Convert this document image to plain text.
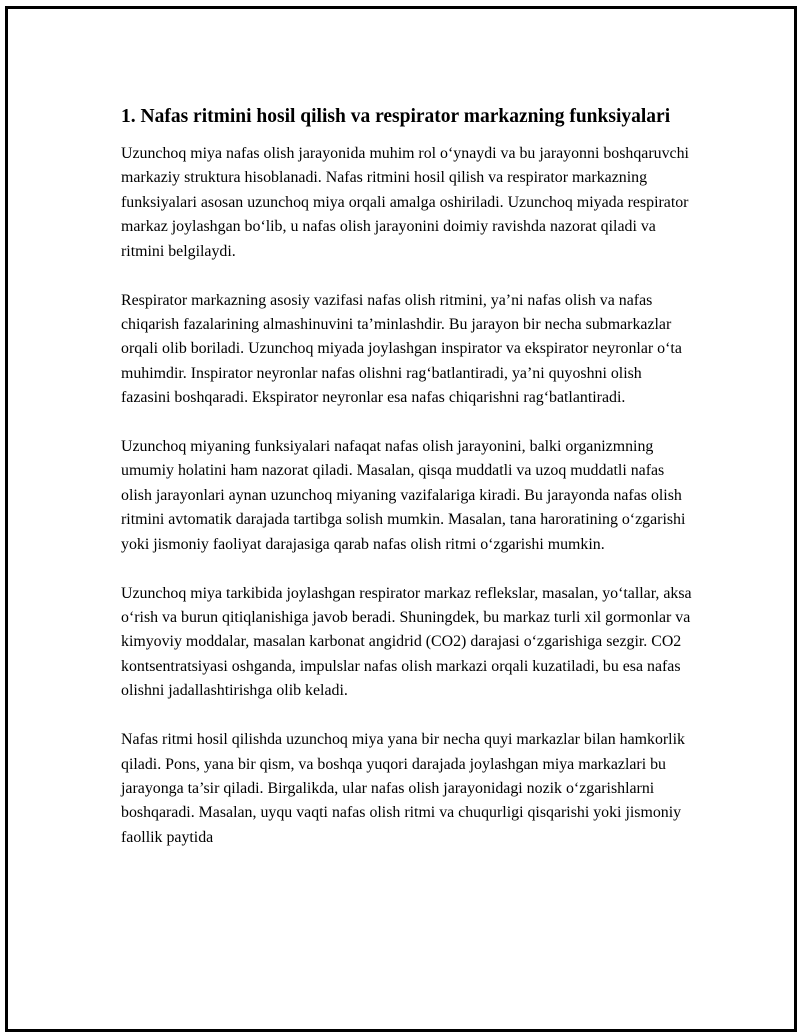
1. Nafas ritmini hosil qilish va respirator markazning funksiyalari

Uzunchoq miya nafas olish jarayonida muhim rol o‘ynaydi va bu jarayonni boshqaruvchi markaziy struktura hisoblanadi. Nafas ritmini hosil qilish va respirator markazning funksiyalari asosan uzunchoq miya orqali amalga oshiriladi. Uzunchoq miyada respirator markaz joylashgan bo‘lib, u nafas olish jarayonini doimiy ravishda nazorat qiladi va ritmini belgilaydi.

Respirator markazning asosiy vazifasi nafas olish ritmini, ya’ni nafas olish va nafas chiqarish fazalarining almashinuvini ta’minlashdir. Bu jarayon bir necha submarkazlar orqali olib boriladi. Uzunchoq miyada joylashgan inspirator va ekspirator neyronlar o‘ta muhimdir. Inspirator neyronlar nafas olishni rag‘batlantiradi, ya’ni quyoshni olish fazasini boshqaradi. Ekspirator neyronlar esa nafas chiqarishni rag‘batlantiradi.

Uzunchoq miyaning funksiyalari nafaqat nafas olish jarayonini, balki organizmning umumiy holatini ham nazorat qiladi. Masalan, qisqa muddatli va uzoq muddatli nafas olish jarayonlari aynan uzunchoq miyaning vazifalariga kiradi. Bu jarayonda nafas olish ritmini avtomatik darajada tartibga solish mumkin. Masalan, tana haroratining o‘zgarishi yoki jismoniy faoliyat darajasiga qarab nafas olish ritmi o‘zgarishi mumkin.

Uzunchoq miya tarkibida joylashgan respirator markaz reflekslar, masalan, yo‘tallar, aksa o‘rish va burun qitiqlanishiga javob beradi. Shuningdek, bu markaz turli xil gormonlar va kimyoviy moddalar, masalan karbonat angidrid (CO2) darajasi o‘zgarishiga sezgir. CO2 kontsentratsiyasi oshganda, impulslar nafas olish markazi orqali kuzatiladi, bu esa nafas olishni jadallashtirishga olib keladi.

Nafas ritmi hosil qilishda uzunchoq miya yana bir necha quyi markazlar bilan hamkorlik qiladi. Pons, yana bir qism, va boshqa yuqori darajada joylashgan miya markazlari bu jarayonga ta’sir qiladi. Birgalikda, ular nafas olish jarayonidagi nozik o‘zgarishlarni boshqaradi. Masalan, uyqu vaqti nafas olish ritmi va chuqurligi qisqarishi yoki jismoniy faollik paytida
